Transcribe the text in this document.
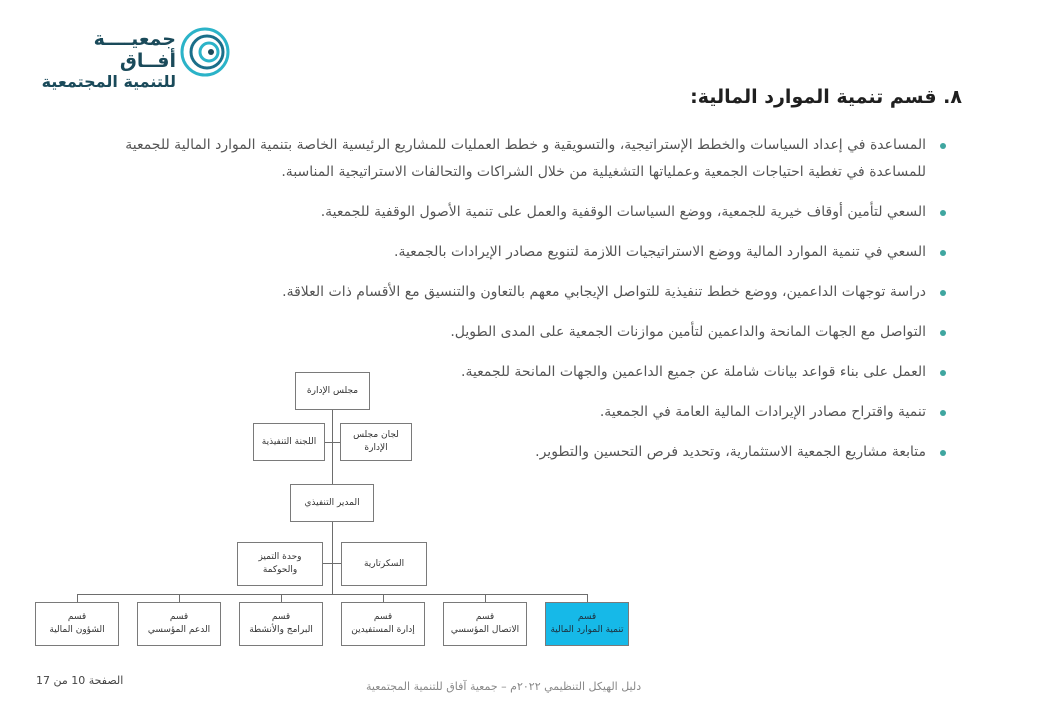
جمعيــــة أفــاق
للتنمية المجتمعية
٨. قسم تنمية الموارد المالية:
المساعدة في إعداد السياسات والخطط الإستراتيجية، والتسويقية و خطط العمليات للمشاريع الرئيسية الخاصة بتنمية الموارد المالية للجمعية للمساعدة في تغطية احتياجات الجمعية وعملياتها التشغيلية من خلال الشراكات والتحالفات الاستراتيجية المناسبة.
السعي لتأمين أوقاف خيرية للجمعية، ووضع السياسات الوقفية والعمل على تنمية الأصول الوقفية للجمعية.
السعي في تنمية الموارد المالية ووضع الاستراتيجيات اللازمة لتنويع مصادر الإيرادات بالجمعية.
دراسة توجهات الداعمين، ووضع خطط تنفيذية للتواصل الإيجابي معهم بالتعاون والتنسيق مع الأقسام ذات العلاقة.
التواصل مع الجهات المانحة والداعمين لتأمين موازنات الجمعية على المدى الطويل.
العمل على بناء قواعد بيانات شاملة عن جميع الداعمين والجهات المانحة للجمعية.
تنمية واقتراح مصادر الإيرادات المالية العامة في الجمعية.
متابعة مشاريع الجمعية الاستثمارية، وتحديد فرص التحسين والتطوير.
مجلس الإدارة
اللجنة التنفيذية
لجان مجلس الإدارة
المدير التنفيذي
وحدة التميز والحوكمة
السكرتارية
قسم
الشؤون المالية
قسم
الدعم المؤسسي
قسم
البرامج والأنشطة
قسم
إدارة المستفيدين
قسم
الاتصال المؤسسي
قسم
تنمية الموارد المالية
الصفحة 10 من 17	دليل الهيكل التنظيمي ٢٠٢٢م – جمعية آفاق للتنمية المجتمعية
